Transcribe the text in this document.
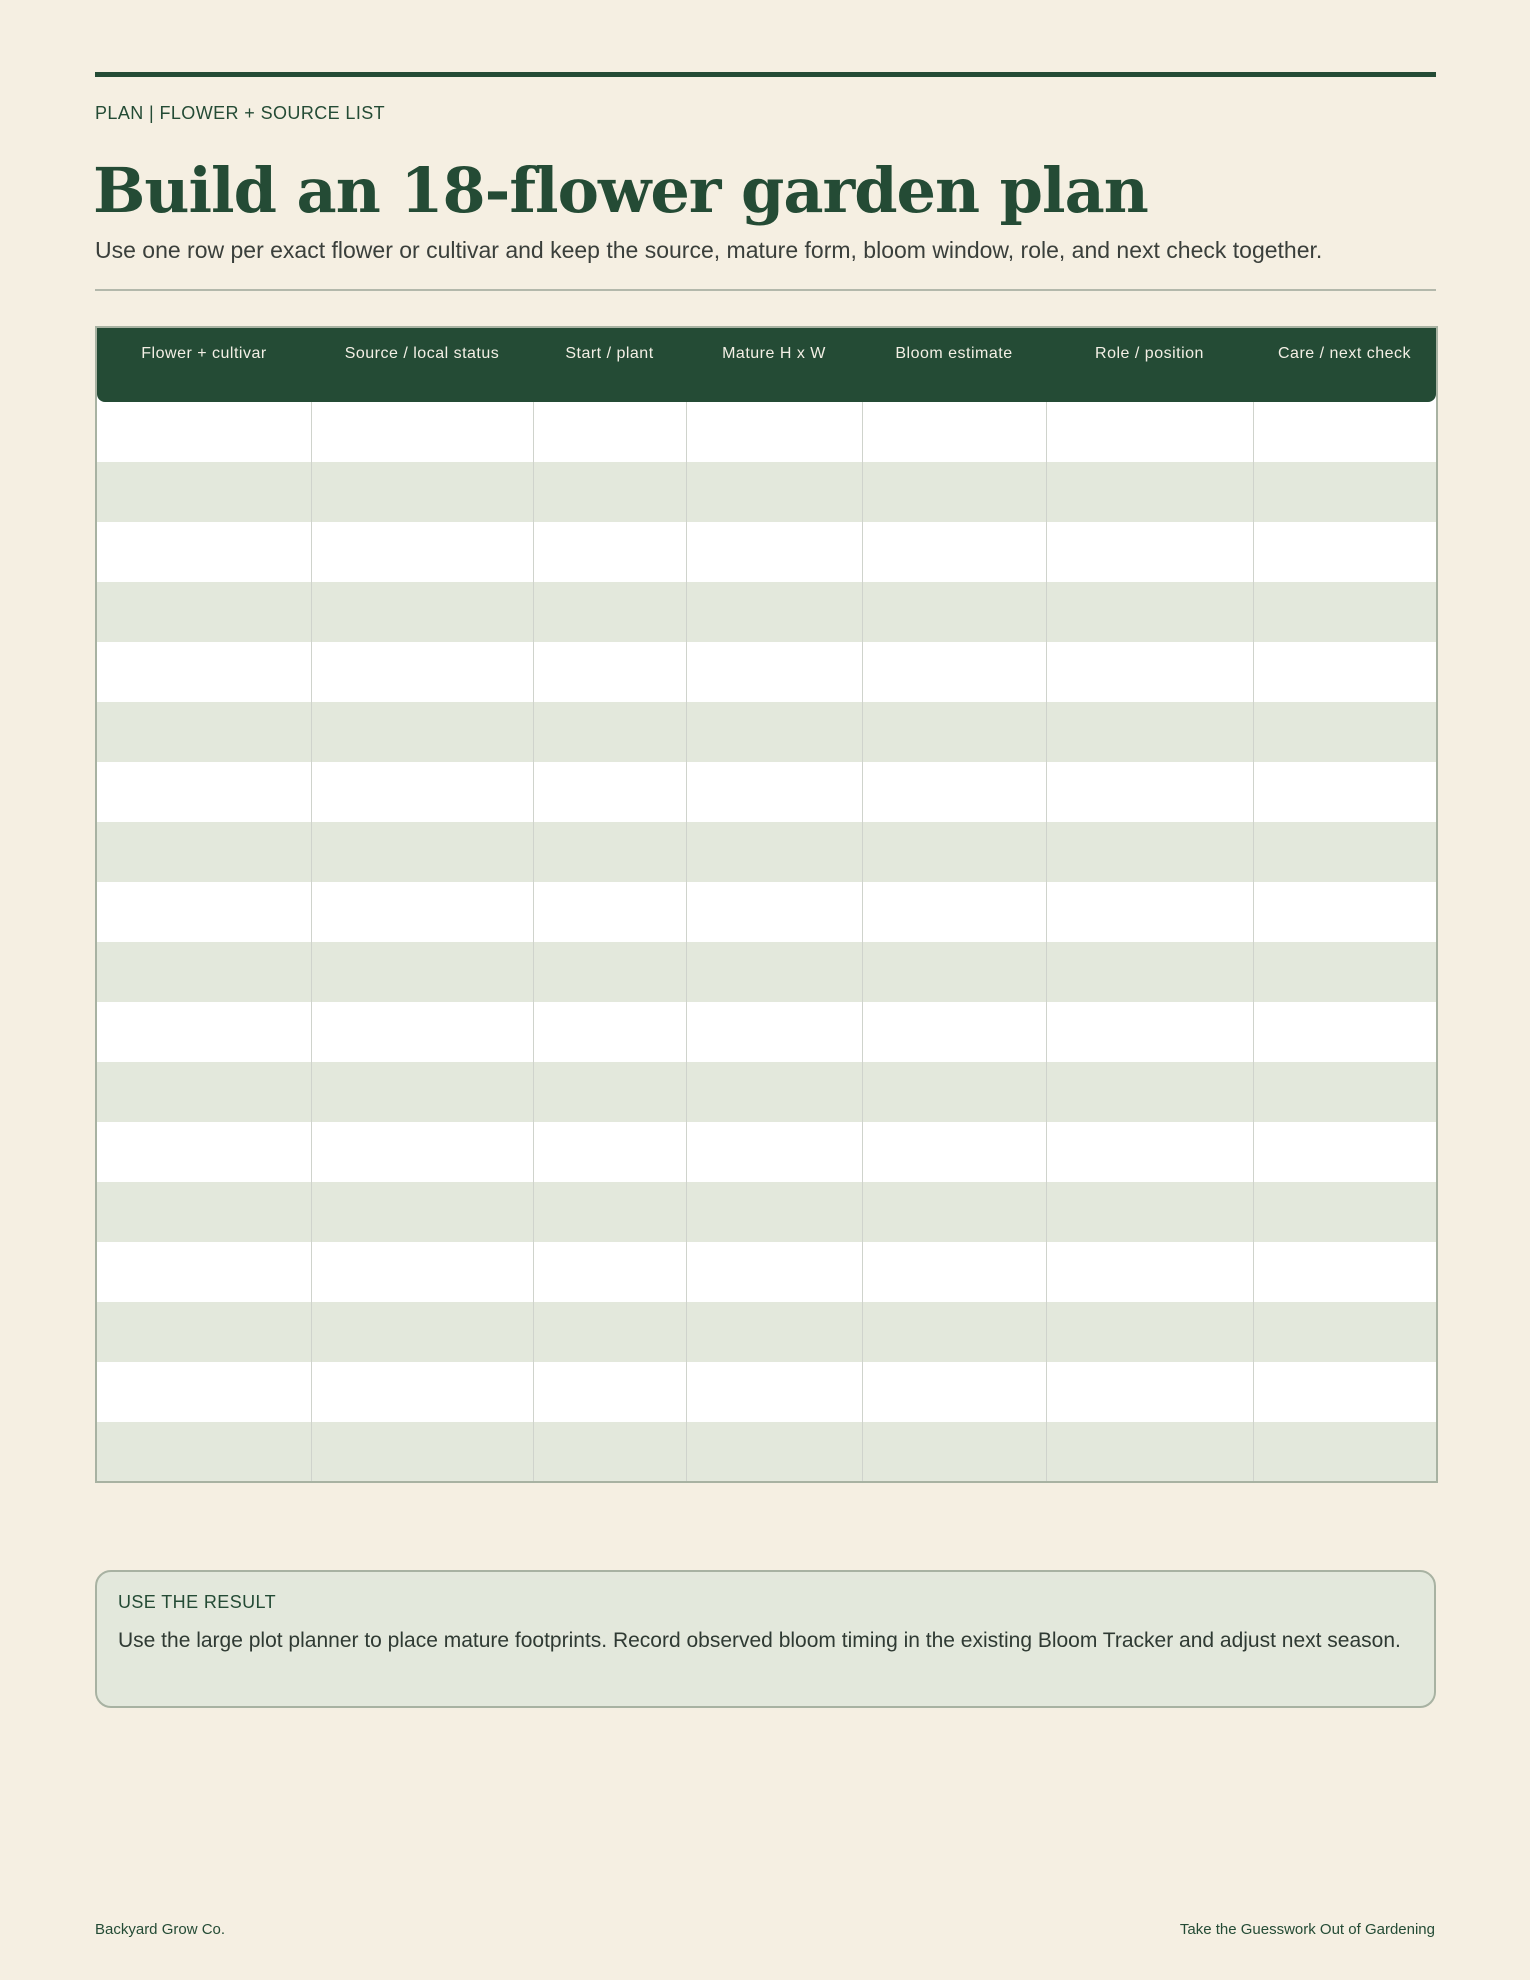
PLAN | FLOWER + SOURCE LIST
Build an 18-flower garden plan
Use one row per exact flower or cultivar and keep the source, mature form, bloom window, role, and next check together.
Flower + cultivar	Source / local status	Start / plant	Mature H x W	Bloom estimate	Role / position	Care / next check

USE THE RESULT
Use the large plot planner to place mature footprints. Record observed bloom timing in the existing Bloom Tracker and adjust next season.
Backyard Grow Co.	Take the Guesswork Out of Gardening
